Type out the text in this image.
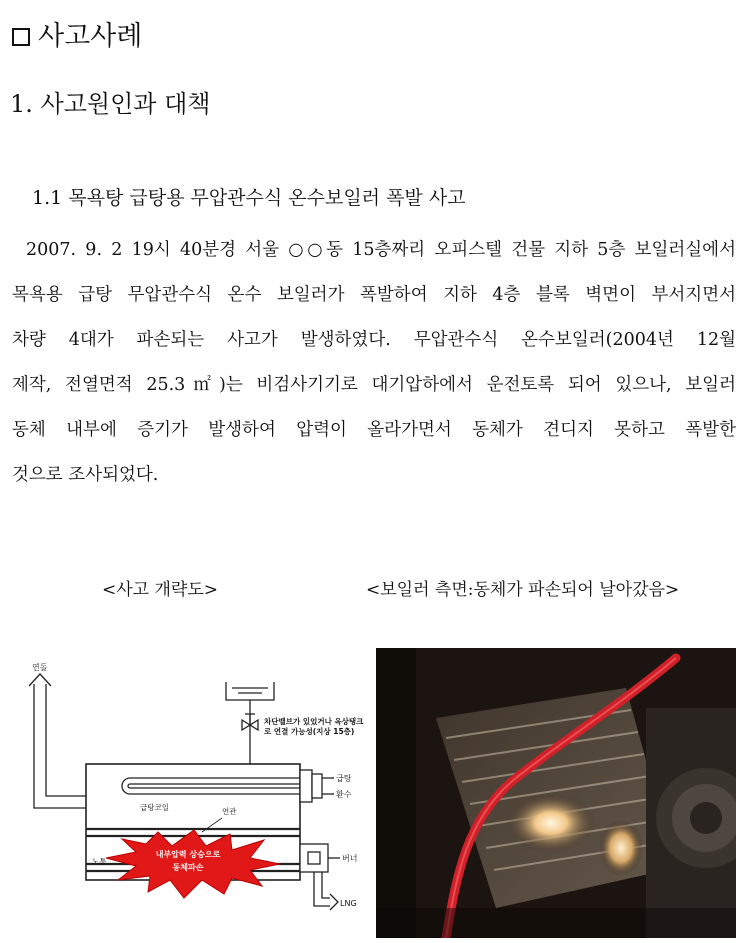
사고사례
1. 사고원인과 대책
1.1 목욕탕 급탕용 무압관수식 온수보일러 폭발 사고
2007. 9. 2 19시 40분경 서울 ○○동 15층짜리 오피스텔 건물 지하 5층 보일러실에서
목욕용 급탕 무압관수식 온수 보일러가 폭발하여 지하 4층 블록 벽면이 부서지면서
차량 4대가 파손되는 사고가 발생하였다. 무압관수식 온수보일러(2004년 12월
제작, 전열면적 25.3㎡)는 비검사기기로 대기압하에서 운전토록 되어 있으나, 보일러
동체 내부에 증기가 발생하여 압력이 올라가면서 동체가 견디지 못하고 폭발한
것으로 조사되었다.
<사고 개략도>	<보일러 측면:동체가 파손되어 날아갔음>
연돌
차단밸브가 있었거나 옥상탱크
로 연결 가능성(지상 15층)
급탕
환수
급탕코일	연관
내부압력 상승으로
동체파손
노통	버너
LNG
